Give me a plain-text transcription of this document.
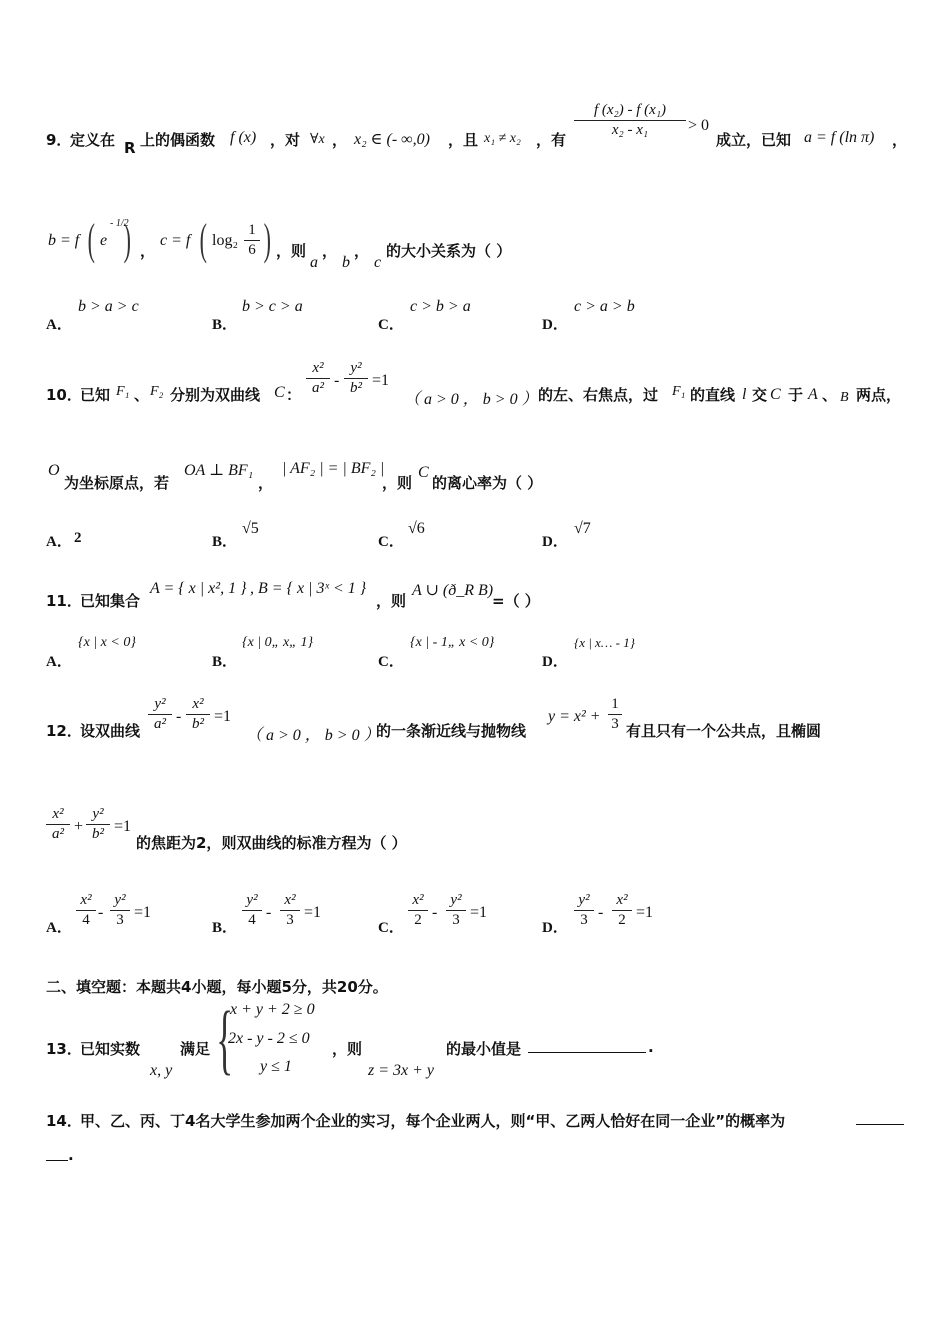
9．
定义在 R 上的偶函数 f (x) ，对 ∀x ， x₂ ∈ (- ∞,0) ，且 x₁ ≠ x₂ ，有
f (x₂) - f (x₁)
x₂ - x₁	> 0
成立，已知 a = f (ln π) ，
b = f ( e
- 1/2
) ，
c = f ( log₂
1
6 ) ，则
a
，
b
，
c
的大小关系为（ ）
A．
b > a > c
B．
b > c > a
C．
c > b > a
D．
c > a > b
10．
已知 F₁ 、 F₂ 分别为双曲线 C ：
x²
a² -
y²
b² =1
（ a > 0 ， b > 0 ） 的左、右焦点，过 F₁ 的直线 l 交 C 于 A 、 B 两点，
O
为坐标原点，若
OA ⊥ BF₁
，
| AF₂ | = | BF₂ |
，则
C
的离心率为（ ）
A． 2	B．
√5
C．
√6
D．
√7
11．
已知集合
A = { x | x², 1 } , B = { x | 3ˣ < 1 }
，则
A ∪ (ð_R B)
=（ ）
A．
{x | x < 0}
B．
{x | 0„ x„ 1}
C．
{x | - 1„ x < 0}
D．
{x | x… - 1}
12．
设双曲线
y²
a² -
x²
b² =1
（ a > 0 ， b > 0 ）
的一条渐近线与抛物线
y = x² +
1
3 有且只有一个公共点，且椭圆
x²
a² +
y²
b² =1
的焦距为2，则双曲线的标准方程为（ ）
A．
x²
4 -
y²
3 =1
B．
y²
4 -
x²
3 =1
C．
x²
2 -
y²
3 =1
D．
y²
3 -
x²
2 =1
二、填空题：本题共4小题，每小题5分，共20分。
13．
已知实数
x, y
满足 {
x + y + 2 ≥ 0
2x - y - 2 ≤ 0
y ≤ 1
，则
z = 3x + y
的最小值是	.
14．
甲、乙、丙、丁4名大学生参加两个企业的实习，每个企业两人，则“甲、乙两人恰好在同一企业”的概率为
.
